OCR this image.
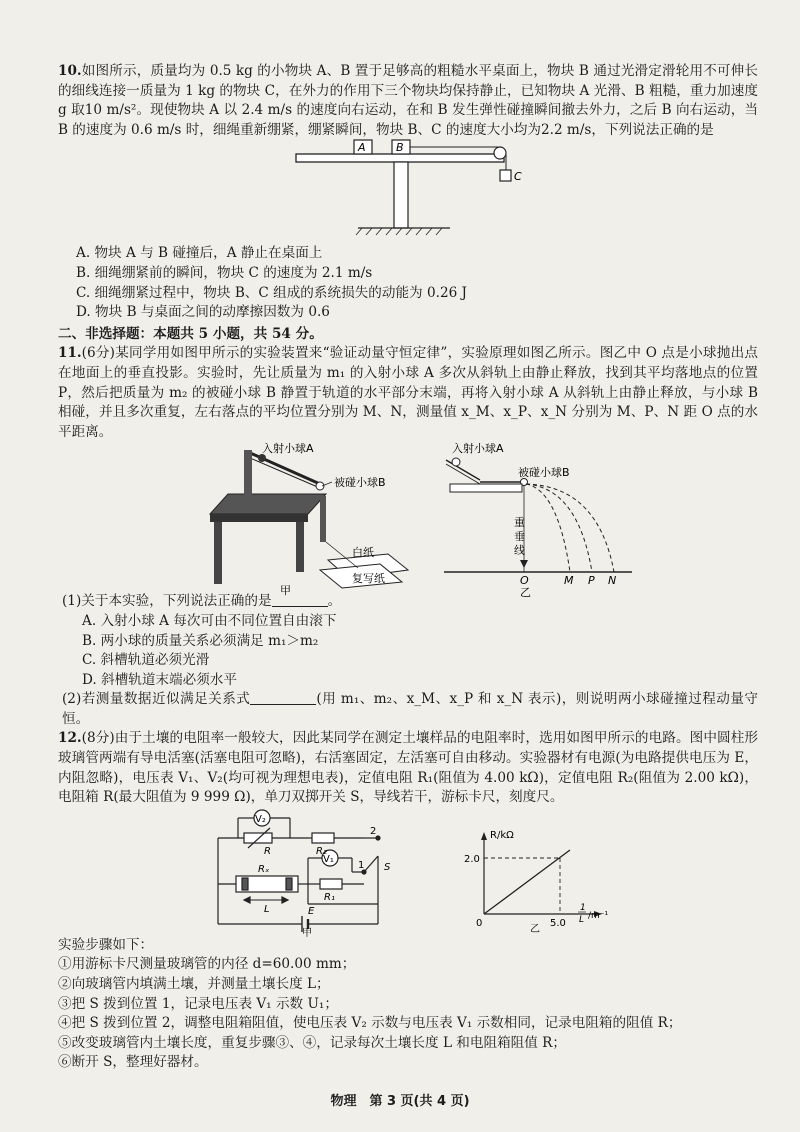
10.如图所示，质量均为 0.5 kg 的小物块 A、B 置于足够高的粗糙水平桌面上，物块 B 通过光滑定滑轮用不可伸长的细线连接一质量为 1 kg 的物块 C，在外力的作用下三个物块均保持静止，已知物块 A 光滑、B 粗糙，重力加速度 g 取10 m/s²。现使物块 A 以 2.4 m/s 的速度向右运动，在和 B 发生弹性碰撞瞬间撤去外力，之后 B 向右运动，当 B 的速度为 0.6 m/s 时，细绳重新绷紧，绷紧瞬间，物块 B、C 的速度大小均为2.2 m/s，下列说法正确的是

A	B
C

A. 物块 A 与 B 碰撞后，A 静止在桌面上

B. 细绳绷紧前的瞬间，物块 C 的速度为 2.1 m/s

C. 细绳绷紧过程中，物块 B、C 组成的系统损失的动能为 0.26 J

D. 物块 B 与桌面之间的动摩擦因数为 0.6

二、非选择题：本题共 5 小题，共 54 分。

11.(6分)某同学用如图甲所示的实验装置来“验证动量守恒定律”，实验原理如图乙所示。图乙中 O 点是小球抛出点在地面上的垂直投影。实验时，先让质量为 m₁ 的入射小球 A 多次从斜轨上由静止释放，找到其平均落地点的位置 P，然后把质量为 m₂ 的被碰小球 B 静置于轨道的水平部分末端，再将入射小球 A 从斜轨上由静止释放，与小球 B 相碰，并且多次重复，左右落点的平均位置分别为 M、N，测量值 x_M、x_P、x_N 分别为 M、P、N 距 O 点的水平距离。

入射小球A
被碰小球B
白纸
复写纸
甲
入射小球A
被碰小球B
重
垂
线
O	M P N
乙

(1)关于本实验，下列说法正确的是	。

A. 入射小球 A 每次可由不同位置自由滚下

B. 两小球的质量关系必须满足 m₁＞m₂

C. 斜槽轨道必须光滑

D. 斜槽轨道末端必须水平

(2)若测量数据近似满足关系式	(用 m₁、m₂、x_M、x_P 和 x_N 表示)，则说明两小球碰撞过程动量守恒。

12.(8分)由于土壤的电阻率一般较大，因此某同学在测定土壤样品的电阻率时，选用如图甲所示的电路。图中圆柱形玻璃管两端有导电活塞(活塞电阻可忽略)，右活塞固定，左活塞可自由移动。实验器材有电源(为电路提供电压为 E，内阻忽略)，电压表 V₁、V₂(均可视为理想电表)，定值电阻 R₁(阻值为 4.00 kΩ)，定值电阻 R₂(阻值为 2.00 kΩ)，电阻箱 R(最大阻值为 9 999 Ω)，单刀双掷开关 S，导线若干，游标卡尺，刻度尺。

V₂
R	R₂
2
S
Rₓ
V₁
1
L
R₁
E
甲
R/kΩ
2.0
0	5.0
1
L /m⁻¹
乙

实验步骤如下：

①用游标卡尺测量玻璃管的内径 d=60.00 mm；

②向玻璃管内填满土壤，并测量土壤长度 L；

③把 S 拨到位置 1，记录电压表 V₁ 示数 U₁；

④把 S 拨到位置 2，调整电阻箱阻值，使电压表 V₂ 示数与电压表 V₁ 示数相同，记录电阻箱的阻值 R；

⑤改变玻璃管内土壤长度，重复步骤③、④，记录每次土壤长度 L 和电阻箱阻值 R；

⑥断开 S，整理好器材。

物理　第 3 页(共 4 页)
